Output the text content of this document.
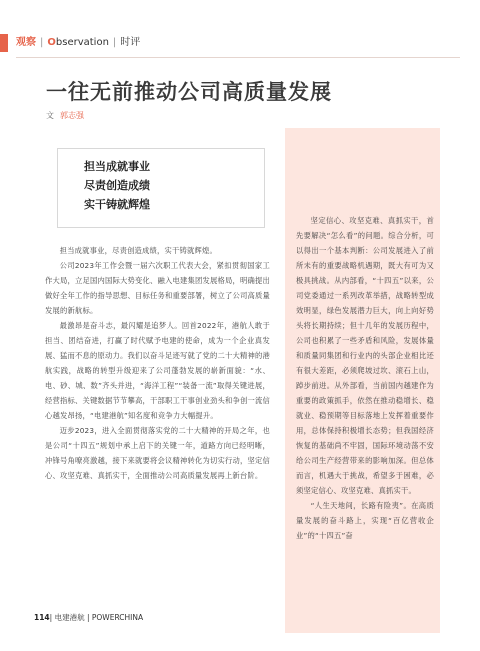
观察 | Observation | 时评
一往无前推动公司高质量发展
文 郭志强
担当成就事业
尽责创造成绩
实干铸就辉煌

担当成就事业，尽责创造成绩，实干铸就辉煌。

公司2023年工作会暨一届六次职工代表大会，紧扣贯彻国家工作大局，立足国内国际大势变化、融入电建集团发展格局，明确提出做好全年工作的指导思想、目标任务和重要部署，树立了公司高质量发展的新航标。

最激昂是奋斗志，最闪耀是追梦人。回首2022年，港航人敢于担当、团结奋进，打赢了时代赋予电建的使命，成为一个企业真发展、猛而不息的原动力。我们以奋斗足迹写就了党的二十大精神的港航实践，战略的转型升级迎来了公司蓬勃发展的崭新面貌：“水、电、砂、城、数”齐头并进，“海洋工程”“装备一流”取得关键进展，经营指标、关键数据节节攀高，干部职工干事创业劲头和争创一流信心越发昂扬，“电建港航”知名度和竞争力大幅提升。

迈步2023，进入全面贯彻落实党的二十大精神的开局之年，也是公司“十四五”规划中承上启下的关键一年，道路方向已经明晰，冲锋号角嘹亮激越，接下来就要将会议精神转化为切实行动，坚定信心、攻坚克难、真抓实干，全面推动公司高质量发展再上新台阶。

坚定信心、攻坚克难、真抓实干，首先要解决“怎么看”的问题。综合分析，可以得出一个基本判断：公司发展进入了前所未有的重要战略机遇期，既大有可为又极具挑战。从内部看，“十四五”以来，公司党委通过一系列改革举措，战略转型成效明显，绿色发展潜力巨大，向上向好势头将长期持续；但十几年的发展历程中，公司也积累了一些矛盾和风险，发展体量和质量同集团和行业内的头部企业相比还有很大差距，必须爬坡过坎、滚石上山，踔步前进。从外部看，当前国内越建作为重要的政策抓手，依然在推动稳增长、稳就业、稳预期等目标落地上发挥着重要作用，总体保持积极增长态势；但我国经济恢复的基础尚不牢固，国际环境动荡不安给公司生产经营带来的影响加深。但总体而言，机遇大于挑战，希望多于困难，必须坚定信心、攻坚克难、真抓实干。

“人生天地间，长路有险夷”。在高质量发展的奋斗路上，实现“百亿营收企业”的“十四五”奋

114| 电建港航 | POWERCHINA
